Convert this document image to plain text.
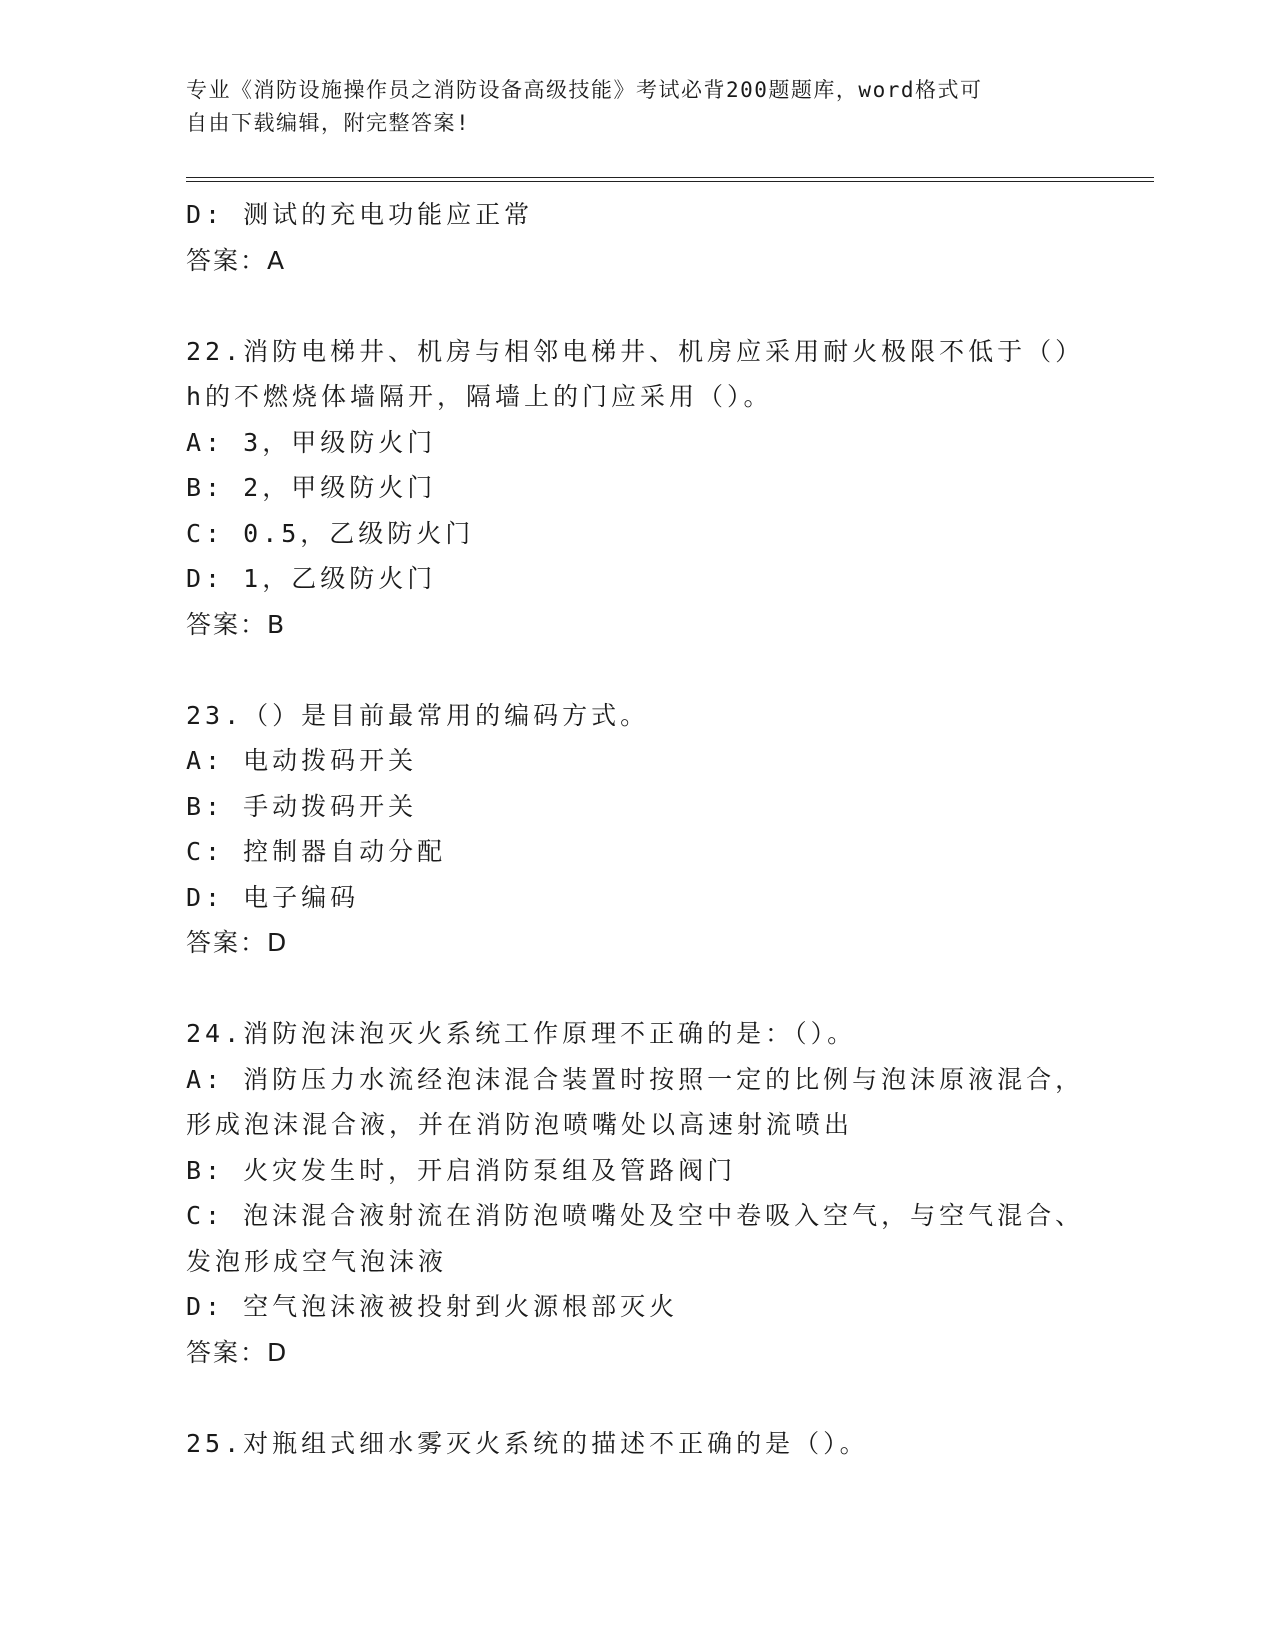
专业《消防设施操作员之消防设备高级技能》考试必背200题题库，word格式可
自由下载编辑，附完整答案!
D: 测试的充电功能应正常
答案：A
22.消防电梯井、机房与相邻电梯井、机房应采用耐火极限不低于（）
h的不燃烧体墙隔开，隔墙上的门应采用（）。
A: 3，甲级防火门
B: 2，甲级防火门
C: 0.5，乙级防火门
D: 1，乙级防火门
答案：B
23.（）是目前最常用的编码方式。
A: 电动拨码开关
B: 手动拨码开关
C: 控制器自动分配
D: 电子编码
答案：D
24.消防泡沫泡灭火系统工作原理不正确的是：（）。
A: 消防压力水流经泡沫混合装置时按照一定的比例与泡沫原液混合，
形成泡沫混合液，并在消防泡喷嘴处以高速射流喷出
B: 火灾发生时，开启消防泵组及管路阀门
C: 泡沫混合液射流在消防泡喷嘴处及空中卷吸入空气，与空气混合、
发泡形成空气泡沫液
D: 空气泡沫液被投射到火源根部灭火
答案：D
25.对瓶组式细水雾灭火系统的描述不正确的是（）。
